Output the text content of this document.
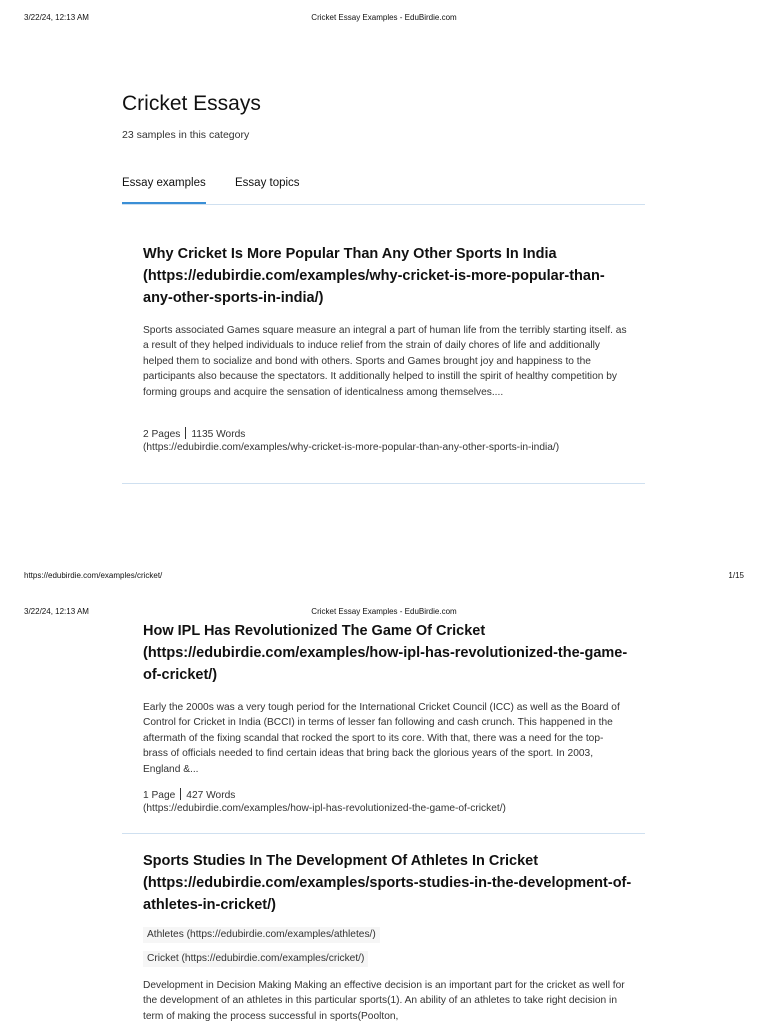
3/22/24, 12:13 AM	Cricket Essay Examples - EduBirdie.com
Cricket Essays
23 samples in this category
Essay examples	Essay topics
Why Cricket Is More Popular Than Any Other Sports In India (https://edubirdie.com/examples/why-cricket-is-more-popular-than-any-other-sports-in-india/)

Sports associated Games square measure an integral a part of human life from the terribly starting itself. as a result of they helped individuals to induce relief from the strain of daily chores of life and additionally helped them to socialize and bond with others. Sports and Games brought joy and happiness to the participants also because the spectators. It additionally helped to instill the spirit of healthy competition by forming groups and acquire the sensation of identicalness among themselves....

2 Pages 1135 Words
(https://edubirdie.com/examples/why-cricket-is-more-popular-than-any-other-sports-in-india/)
https://edubirdie.com/examples/cricket/	1/15
3/22/24, 12:13 AM	Cricket Essay Examples - EduBirdie.com
How IPL Has Revolutionized The Game Of Cricket (https://edubirdie.com/examples/how-ipl-has-revolutionized-the-game-of-cricket/)

Early the 2000s was a very tough period for the International Cricket Council (ICC) as well as the Board of Control for Cricket in India (BCCI) in terms of lesser fan following and cash crunch. This happened in the aftermath of the fixing scandal that rocked the sport to its core. With that, there was a need for the top-brass of officials needed to find certain ideas that bring back the glorious years of the sport. In 2003, England &...

1 Page 427 Words
(https://edubirdie.com/examples/how-ipl-has-revolutionized-the-game-of-cricket/)
Sports Studies In The Development Of Athletes In Cricket (https://edubirdie.com/examples/sports-studies-in-the-development-of-athletes-in-cricket/)
Athletes (https://edubirdie.com/examples/athletes/)
Cricket (https://edubirdie.com/examples/cricket/)

Development in Decision Making Making an effective decision is an important part for the cricket as well for the development of an athletes in this particular sports(1). An ability of an athletes to take right decision in term of making the process successful in sports(Poolton,
